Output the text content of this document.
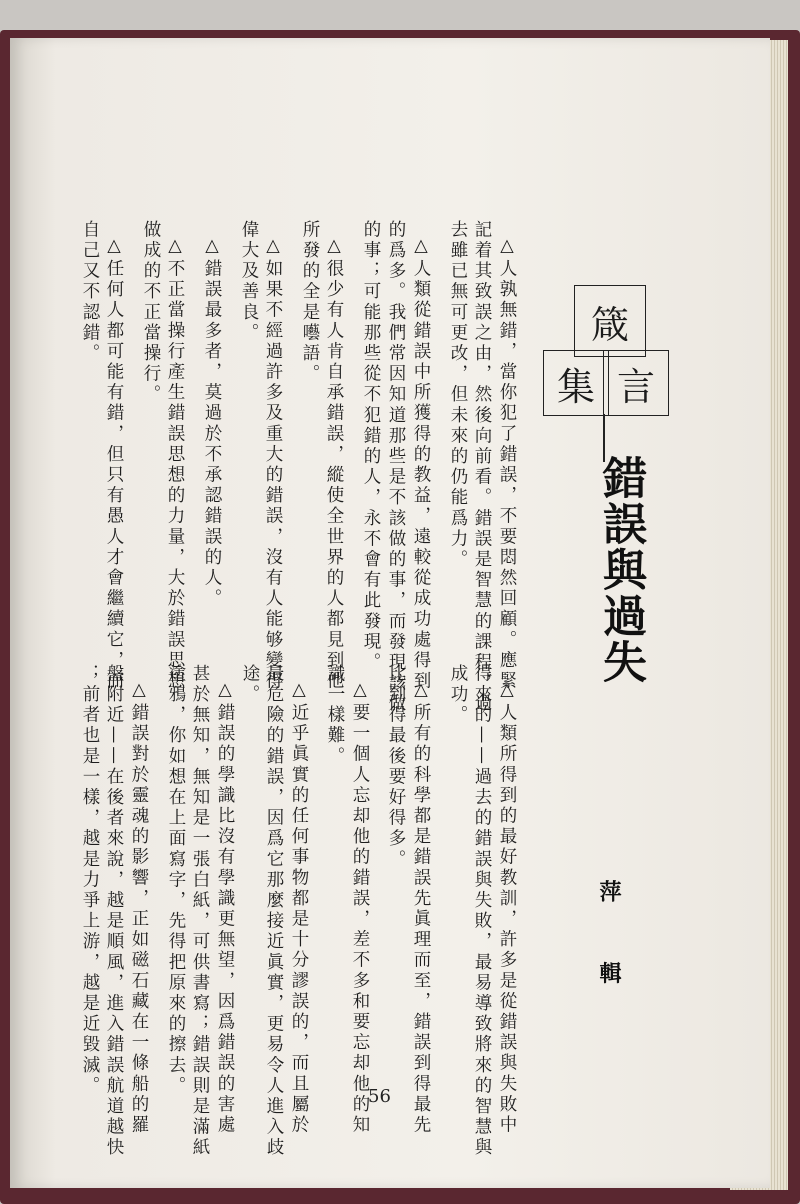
箴
言
集
錯誤與過失
萍 輯
△人孰無錯，當你犯了錯誤，不要悶然回顧。應緊
記着其致誤之由，然後向前看。錯誤是智慧的課程，過
去雖已無可更改，但未來的仍能爲力。
△人類從錯誤中所獲得的教益，遠較從成功處得到
的爲多。我們常因知道那些是不該做的事，而發現該做
的事；可能那些從不犯錯的人，永不會有此發現。
△很少有人肯自承錯誤，縱使全世界的人都見到他
所發的全是囈語。
△如果不經過許多及重大的錯誤，沒有人能够變得
偉大及善良。
△錯誤最多者，莫過於不承認錯誤的人。
△不正當操行產生錯誤思想的力量，大於錯誤思想
做成的不正當操行。
△任何人都可能有錯，但只有愚人才會繼續它，而
自己又不認錯。
△人類所得到的最好教訓，許多是從錯誤與失敗中
得來的——過去的錯誤與失敗，最易導致將來的智慧與
成功。
△所有的科學都是錯誤先眞理而至，錯誤到得最先
比到得最後要好得多。
△要一個人忘却他的錯誤，差不多和要忘却他的知
識一樣難。
△近乎眞實的任何事物都是十分謬誤的，而且屬於
最危險的錯誤，因爲它那麼接近眞實，更易令人進入歧
途。
△錯誤的學識比沒有學識更無望，因爲錯誤的害處
甚於無知，無知是一張白紙，可供書寫；錯誤則是滿紙
塗鴉，你如想在上面寫字，先得把原來的擦去。
△錯誤對於靈魂的影響，正如磁石藏在一條船的羅
盤附近——在後者來說，越是順風，進入錯誤航道越快
；前者也是一樣，越是力爭上游，越是近毀滅。	56
